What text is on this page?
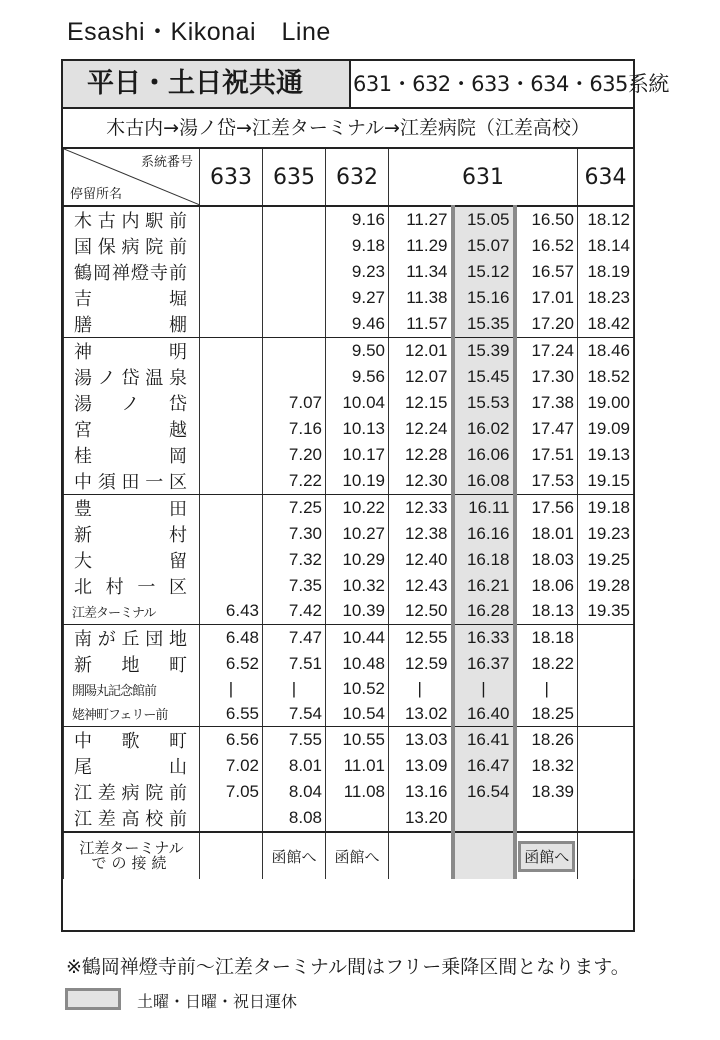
Esashi・Kikonai　Line
平日・土日祝共通	631・632・633・634・635系統
木古内→湯ノ岱→江差ターミナル→江差病院（江差高校）
系統番号
停留所名	633	635	632	631			634
木古内駅前			9.16	11.27	15.05	16.50	18.12
国保病院前			9.18	11.29	15.07	16.52	18.14
鶴岡禅燈寺前			9.23	11.34	15.12	16.57	18.19
吉堀			9.27	11.38	15.16	17.01	18.23
膳棚			9.46	11.57	15.35	17.20	18.42
神明			9.50	12.01	15.39	17.24	18.46
湯ノ岱温泉			9.56	12.07	15.45	17.30	18.52
湯ノ岱		7.07	10.04	12.15	15.53	17.38	19.00
宮越		7.16	10.13	12.24	16.02	17.47	19.09
桂岡		7.20	10.17	12.28	16.06	17.51	19.13
中須田一区		7.22	10.19	12.30	16.08	17.53	19.15
豊田		7.25	10.22	12.33	16.11	17.56	19.18
新村		7.30	10.27	12.38	16.16	18.01	19.23
大留		7.32	10.29	12.40	16.18	18.03	19.25
北村一区		7.35	10.32	12.43	16.21	18.06	19.28
江差ターミナル	6.43	7.42	10.39	12.50	16.28	18.13	19.35
南が丘団地	6.48	7.47	10.44	12.55	16.33	18.18	
新地町	6.52	7.51	10.48	12.59	16.37	18.22	
開陽丸記念館前	|	|	10.52	|	|	|	
姥神町フェリー前	6.55	7.54	10.54	13.02	16.40	18.25	
中歌町	6.56	7.55	10.55	13.03	16.41	18.26	
尾山	7.02	8.01	11.01	13.09	16.47	18.32	
江差病院前	7.05	8.04	11.08	13.16	16.54	18.39	
江差高校前		8.08		13.20			

江差ターミナル
での接続		函館へ	函館へ			函館へ	
※鶴岡禅燈寺前〜江差ターミナル間はフリー乗降区間となります。
土曜・日曜・祝日運休
